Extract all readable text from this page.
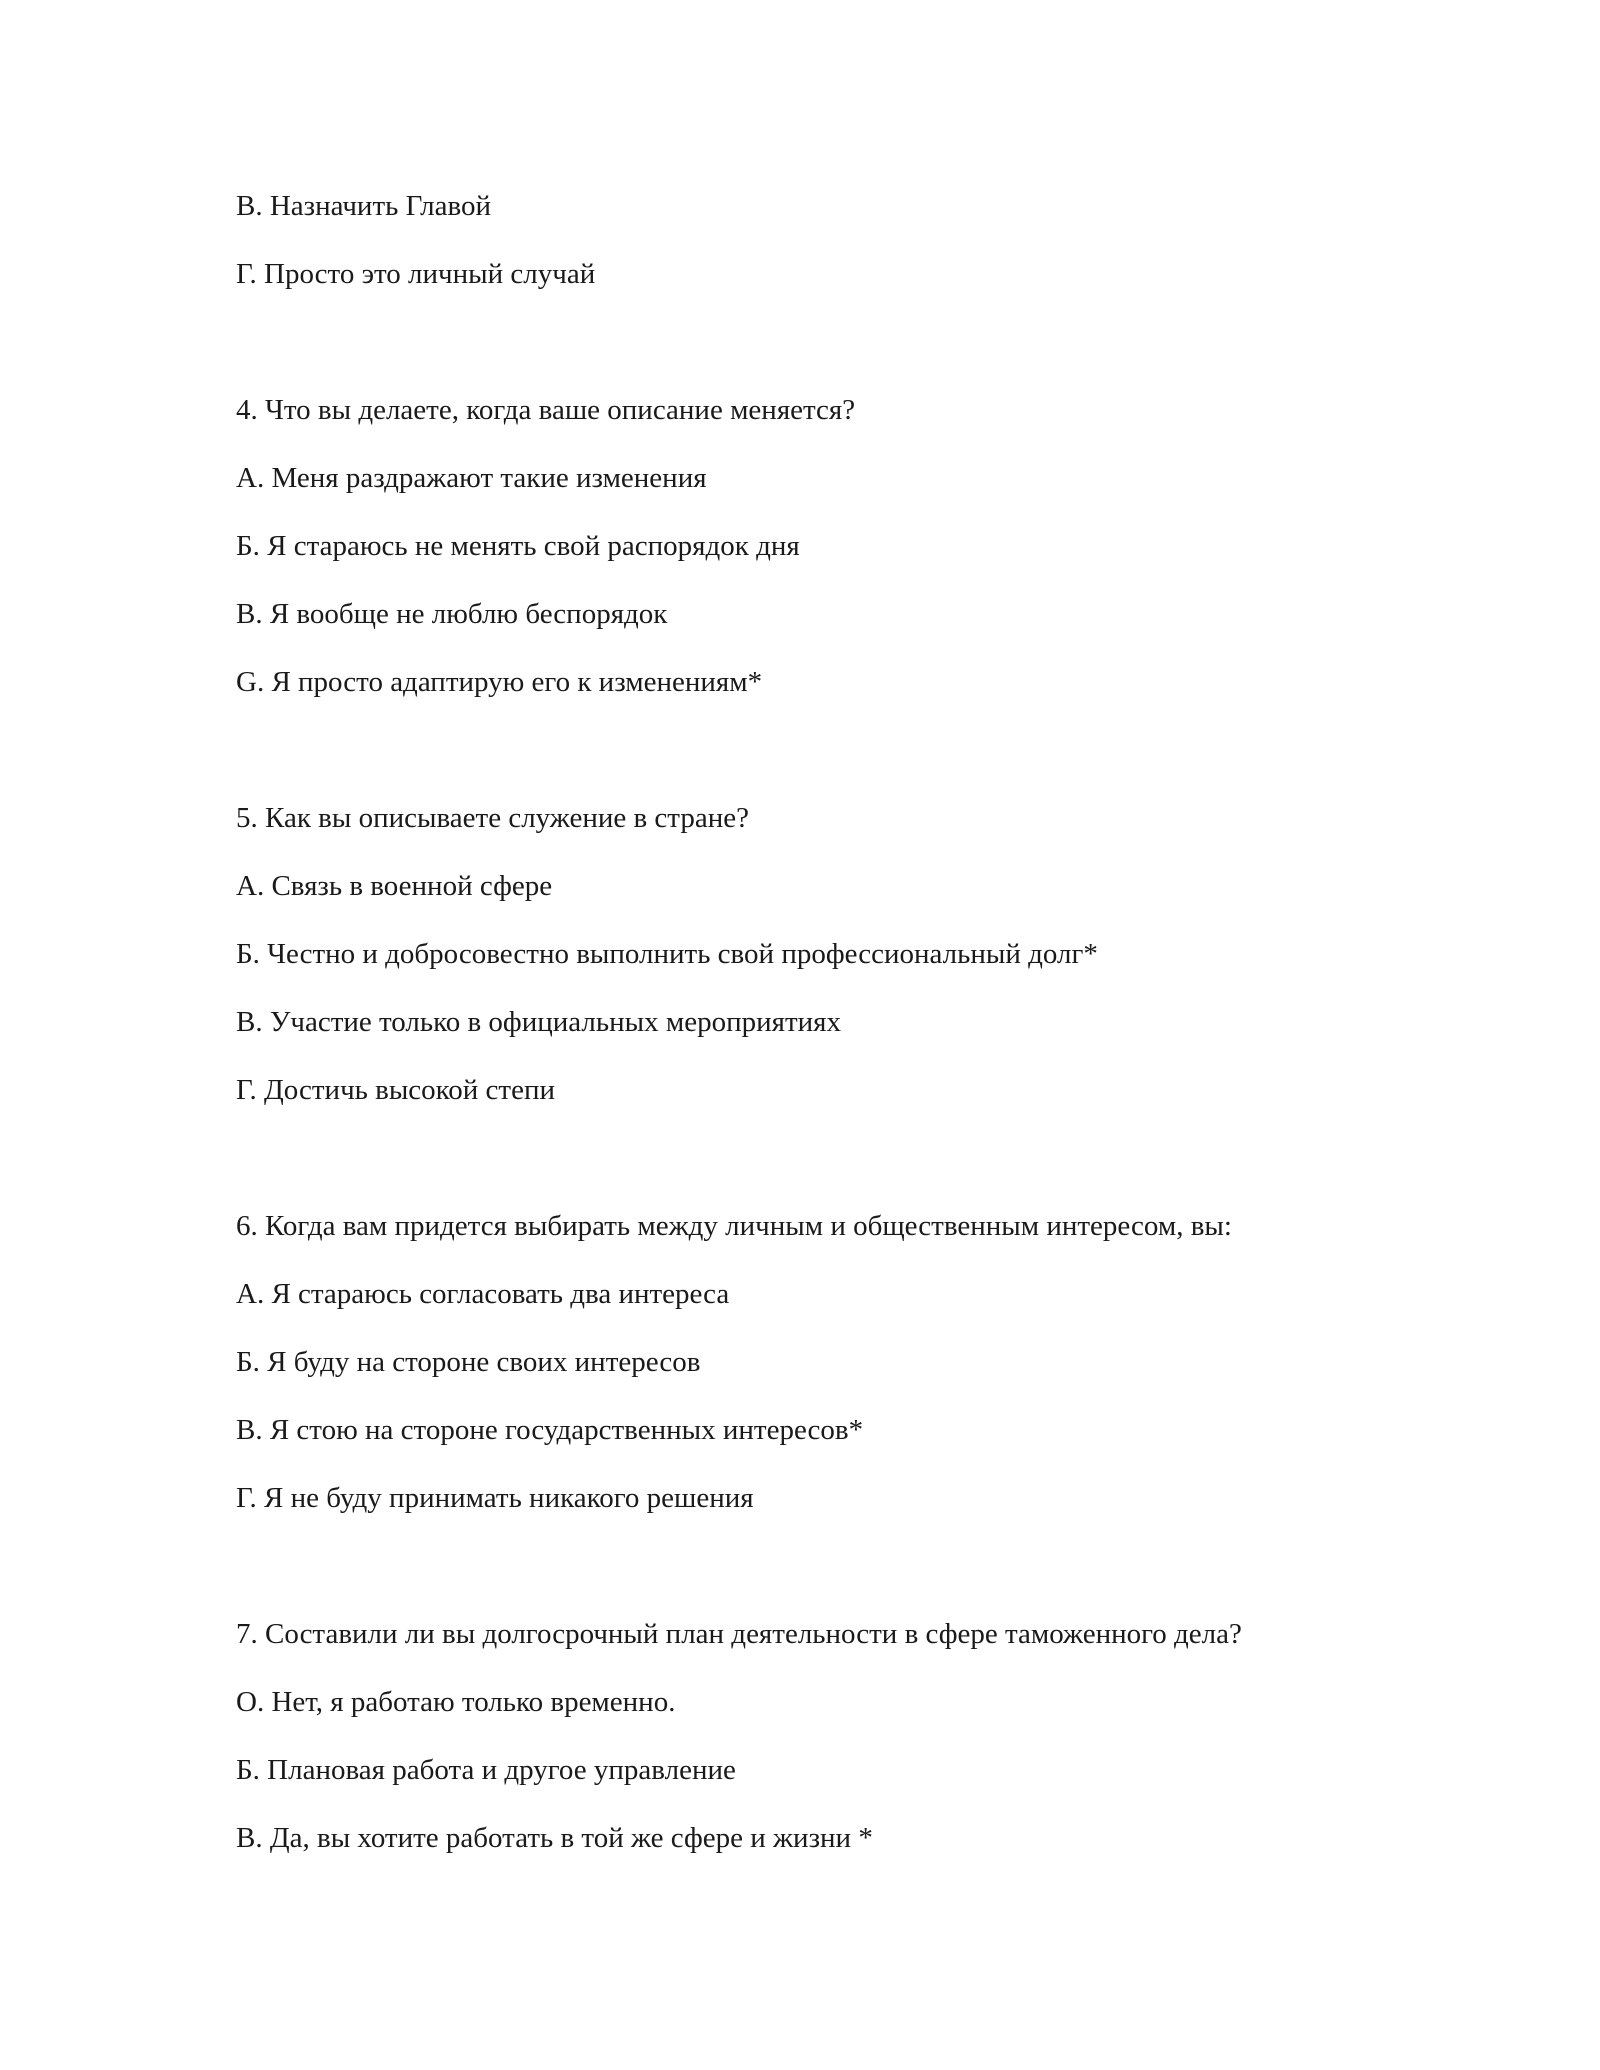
В. Назначить Главой
Г. Просто это личный случай
4. Что вы делаете, когда ваше описание меняется?
А. Меня раздражают такие изменения
Б. Я стараюсь не менять свой распорядок дня
В. Я вообще не люблю беспорядок
G. Я просто адаптирую его к изменениям*
5. Как вы описываете служение в стране?
А. Связь в военной сфере
Б. Честно и добросовестно выполнить свой профессиональный долг*
В. Участие только в официальных мероприятиях
Г. Достичь высокой степи
6. Когда вам придется выбирать между личным и общественным интересом, вы:
А. Я стараюсь согласовать два интереса
Б. Я буду на стороне своих интересов
В. Я стою на стороне государственных интересов*
Г. Я не буду принимать никакого решения
7. Составили ли вы долгосрочный план деятельности в сфере таможенного дела?
О. Нет, я работаю только временно.
Б. Плановая работа и другое управление
В. Да, вы хотите работать в той же сфере и жизни *
